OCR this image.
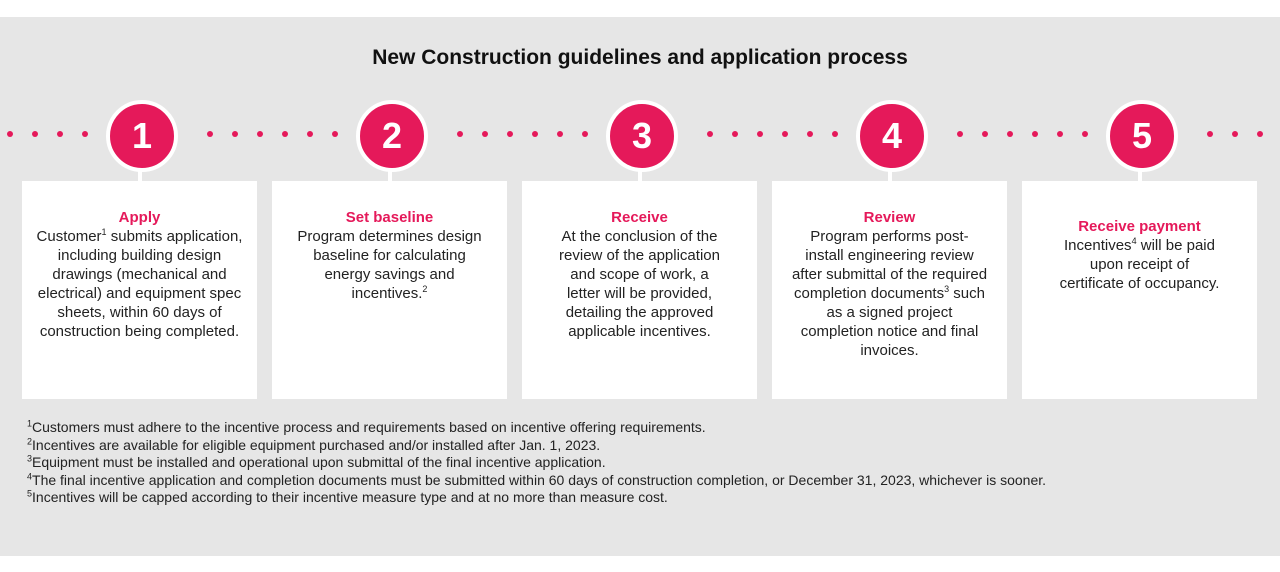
New Construction guidelines and application process
1	2	3	4	5
Apply
Customer$^1$ submits application, including building design drawings (mechanical and electrical) and equipment spec sheets, within 60 days of construction being completed.
Set baseline
Program determines design baseline for calculating energy savings and incentives.$^2$
Receive
At the conclusion of the review of the application and scope of work, a letter will be provided, detailing the approved applicable incentives.
Review
Program performs post-install engineering review after submittal of the required completion documents$^3$ such as a signed project completion notice and final invoices.
Receive payment
Incentives$^4$ will be paid upon receipt of certificate of occupancy.
$^1$Customers must adhere to the incentive process and requirements based on incentive offering requirements.
$^2$Incentives are available for eligible equipment purchased and/or installed after Jan. 1, 2023.
$^3$Equipment must be installed and operational upon submittal of the final incentive application.
$^4$The final incentive application and completion documents must be submitted within 60 days of construction completion, or December 31, 2023, whichever is sooner.
$^5$Incentives will be capped according to their incentive measure type and at no more than measure cost.
